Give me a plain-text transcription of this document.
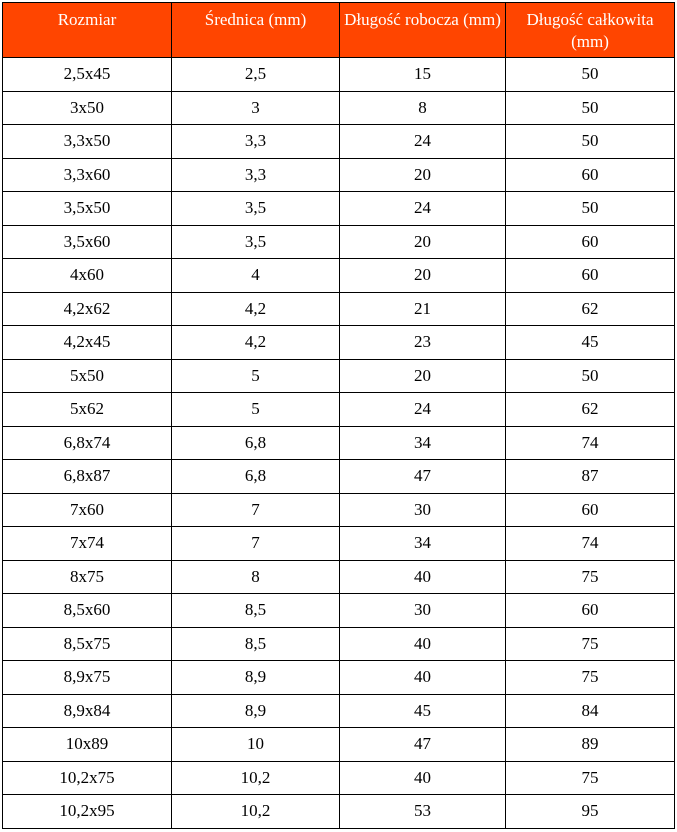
Rozmiar	Średnica (mm)	Długość robocza (mm)	Długość całkowita (mm)
2,5x45	2,5	15	50
3x50	3	8	50
3,3x50	3,3	24	50
3,3x60	3,3	20	60
3,5x50	3,5	24	50
3,5x60	3,5	20	60
4x60	4	20	60
4,2x62	4,2	21	62
4,2x45	4,2	23	45
5x50	5	20	50
5x62	5	24	62
6,8x74	6,8	34	74
6,8x87	6,8	47	87
7x60	7	30	60
7x74	7	34	74
8x75	8	40	75
8,5x60	8,5	30	60
8,5x75	8,5	40	75
8,9x75	8,9	40	75
8,9x84	8,9	45	84
10x89	10	47	89
10,2x75	10,2	40	75
10,2x95	10,2	53	95
